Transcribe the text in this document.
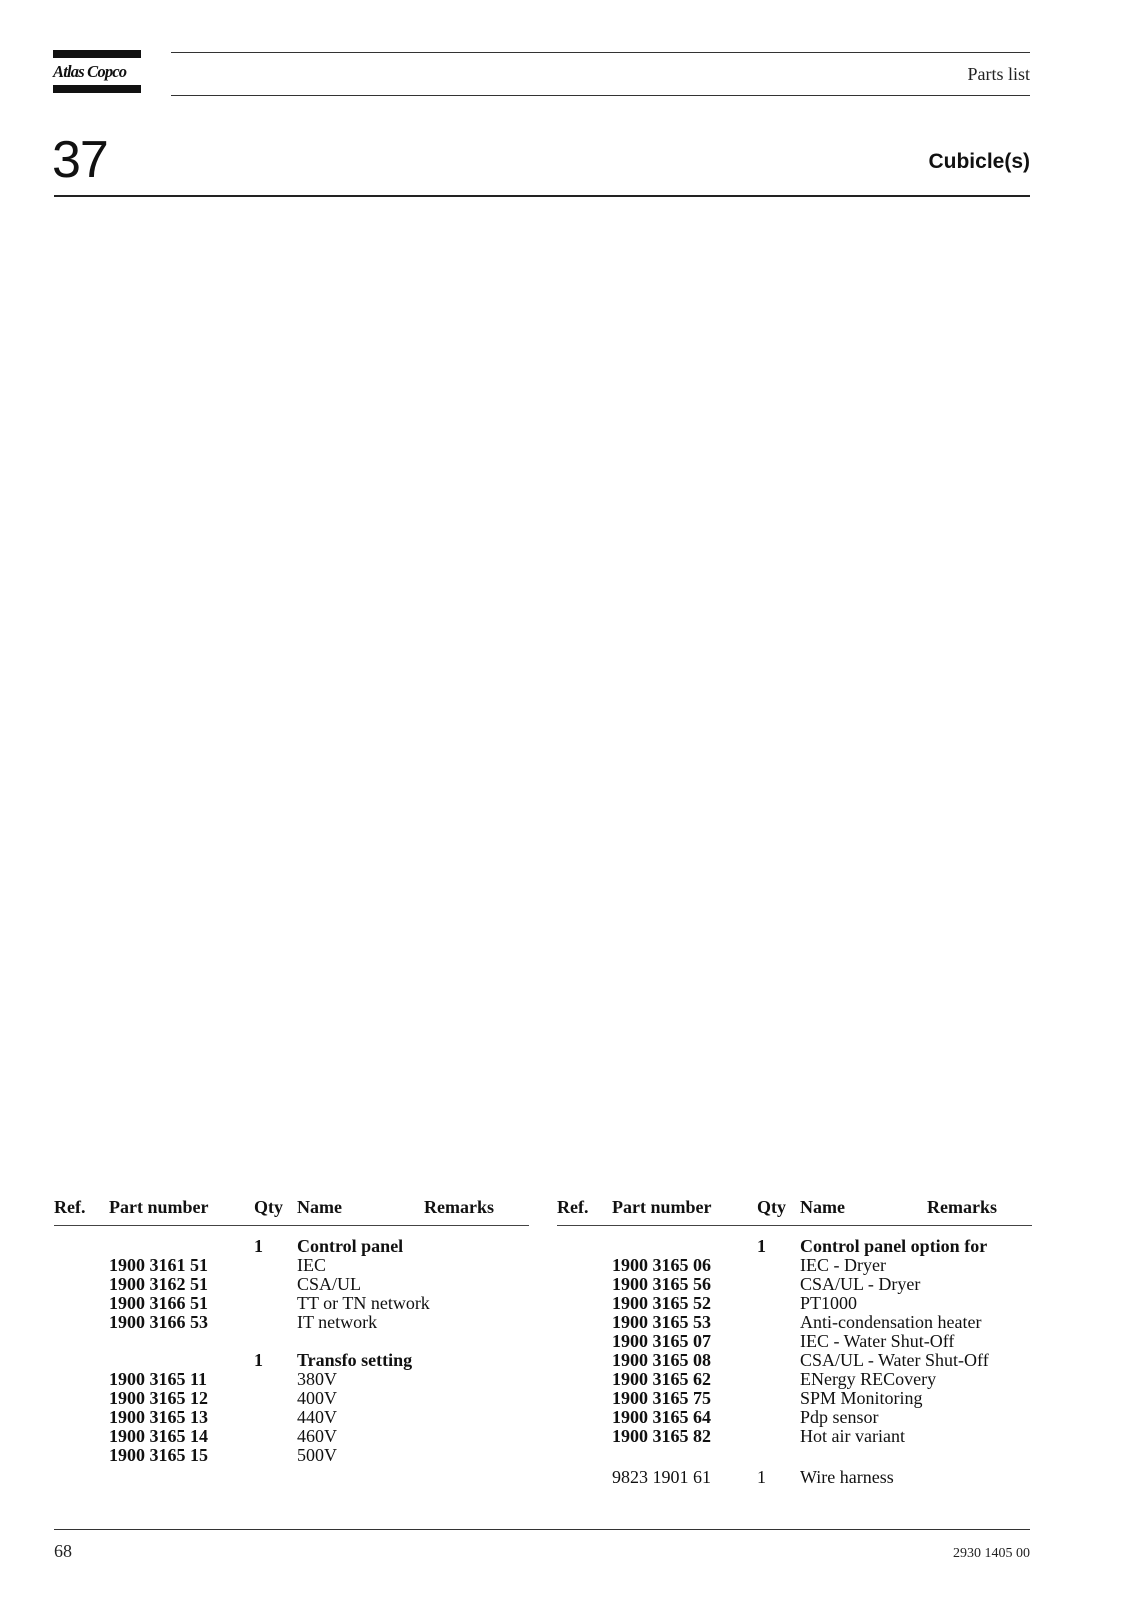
Atlas Copco	Parts list
37	Cubicle(s)
Ref. Part number	Qty Name	Remarks
1 Control panel
1900 3161 51	IEC
1900 3162 51	CSA/UL
1900 3166 51	TT or TN network
1900 3166 53	IT network
1 Transfo setting
1900 3165 11	380V
1900 3165 12	400V
1900 3165 13	440V
1900 3165 14	460V
1900 3165 15	500V
Ref. Part number	Qty Name	Remarks
1 Control panel option for
1900 3165 06	IEC - Dryer
1900 3165 56	CSA/UL - Dryer
1900 3165 52	PT1000
1900 3165 53	Anti-condensation heater
1900 3165 07	IEC - Water Shut-Off
1900 3165 08	CSA/UL - Water Shut-Off
1900 3165 62	ENergy RECovery
1900 3165 75	SPM Monitoring
1900 3165 64	Pdp sensor
1900 3165 82	Hot air variant
9823 1901 61	1 Wire harness
68	2930 1405 00
